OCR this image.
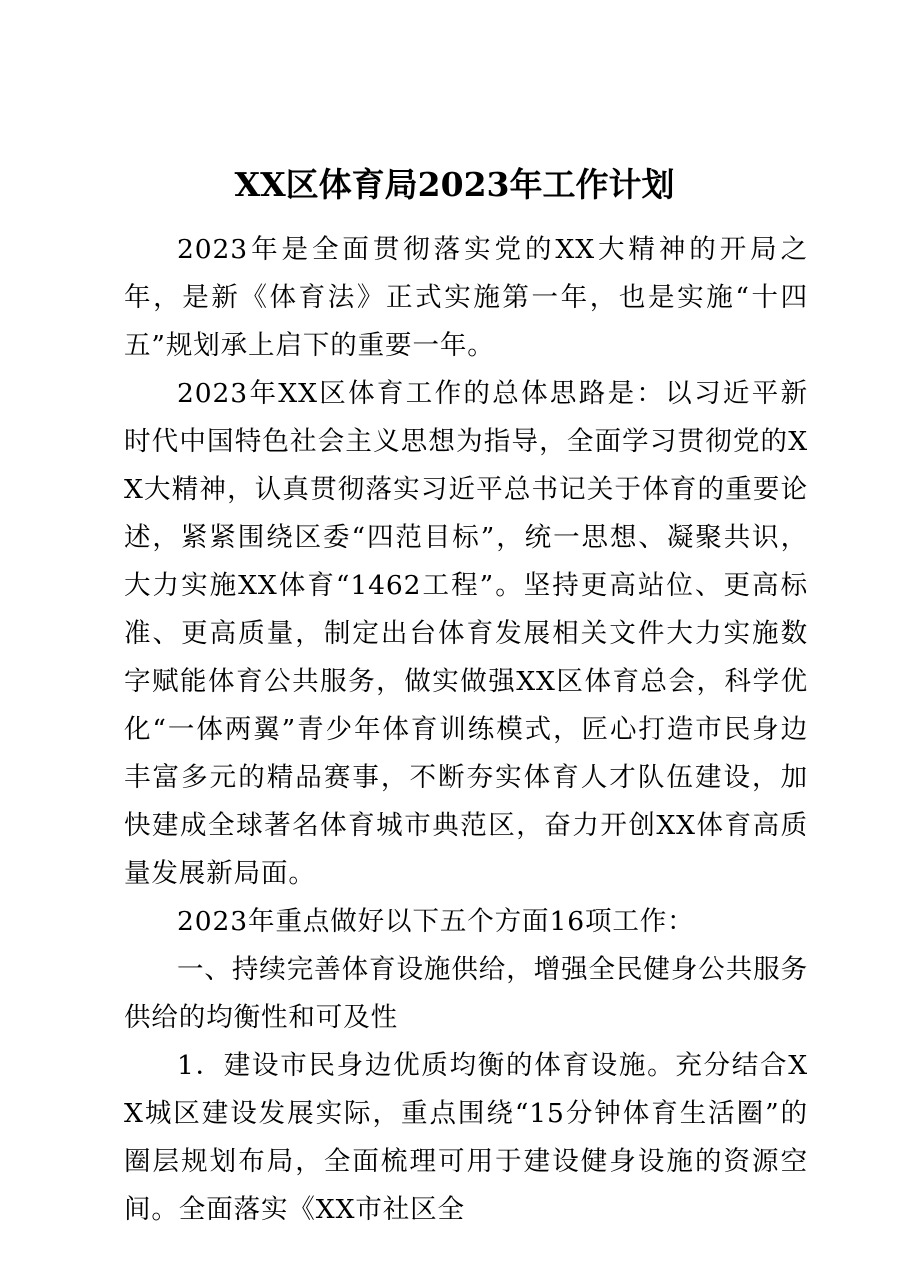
XX区体育局2023年工作计划

2023年是全面贯彻落实党的XX大精神的开局之年，是新《体育法》正式实施第一年，也是实施“十四五”规划承上启下的重要一年。

2023年XX区体育工作的总体思路是：以习近平新时代中国特色社会主义思想为指导，全面学习贯彻党的XX大精神，认真贯彻落实习近平总书记关于体育的重要论述，紧紧围绕区委“四范目标”，统一思想、凝聚共识，大力实施XX体育“1462工程”。坚持更高站位、更高标准、更高质量，制定出台体育发展相关文件大力实施数字赋能体育公共服务，做实做强XX区体育总会，科学优化“一体两翼”青少年体育训练模式，匠心打造市民身边丰富多元的精品赛事，不断夯实体育人才队伍建设，加快建成全球著名体育城市典范区，奋力开创XX体育高质量发展新局面。

2023年重点做好以下五个方面16项工作：

一、持续完善体育设施供给，增强全民健身公共服务供给的均衡性和可及性

1．建设市民身边优质均衡的体育设施。充分结合XX城区建设发展实际，重点围绕“15分钟体育生活圈”的圈层规划布局，全面梳理可用于建设健身设施的资源空间。全面落实《XX市社区全
